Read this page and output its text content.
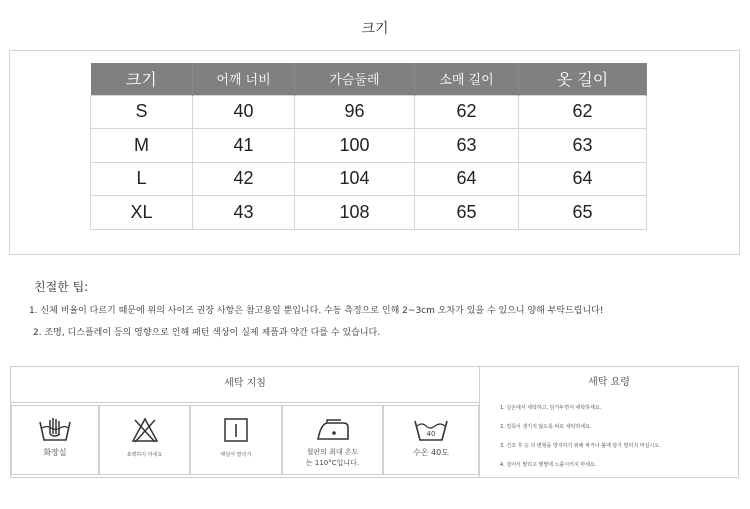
크기
크기	어깨 너비	가슴둘레	소매 길이	옷 길이
S	40	96	62	62
M	41	100	63	63
L	42	104	64	64
XL	43	108	65	65
친절한 팁:
1. 신체 비율이 다르기 때문에 위의 사이즈 권장 사항은 참고용일 뿐입니다. 수동 측정으로 인해 2~3cm 오차가 있을 수 있으니 양해 부탁드립니다!
2. 조명, 디스플레이 등의 영향으로 인해 패턴 색상이 실제 제품과 약간 다를 수 있습니다.
세탁 지침	세탁 요령
화장실	표백하지 마세요	매달아 말리기	철판의 최대 온도
는 110°C입니다.
40
수온 40도
1. 실온에서 세탁하고, 담가두면서 세탁하세요.
2. 얼룩이 생기지 않도록 따로 세탁하세요.
3. 건조 후 옷 의 변형을 방지하기 위해 짜거나 볼에 담가 말리지 마십시오.
4. 걸어서 말리고 햇볕에 노출시키지 마세요.
